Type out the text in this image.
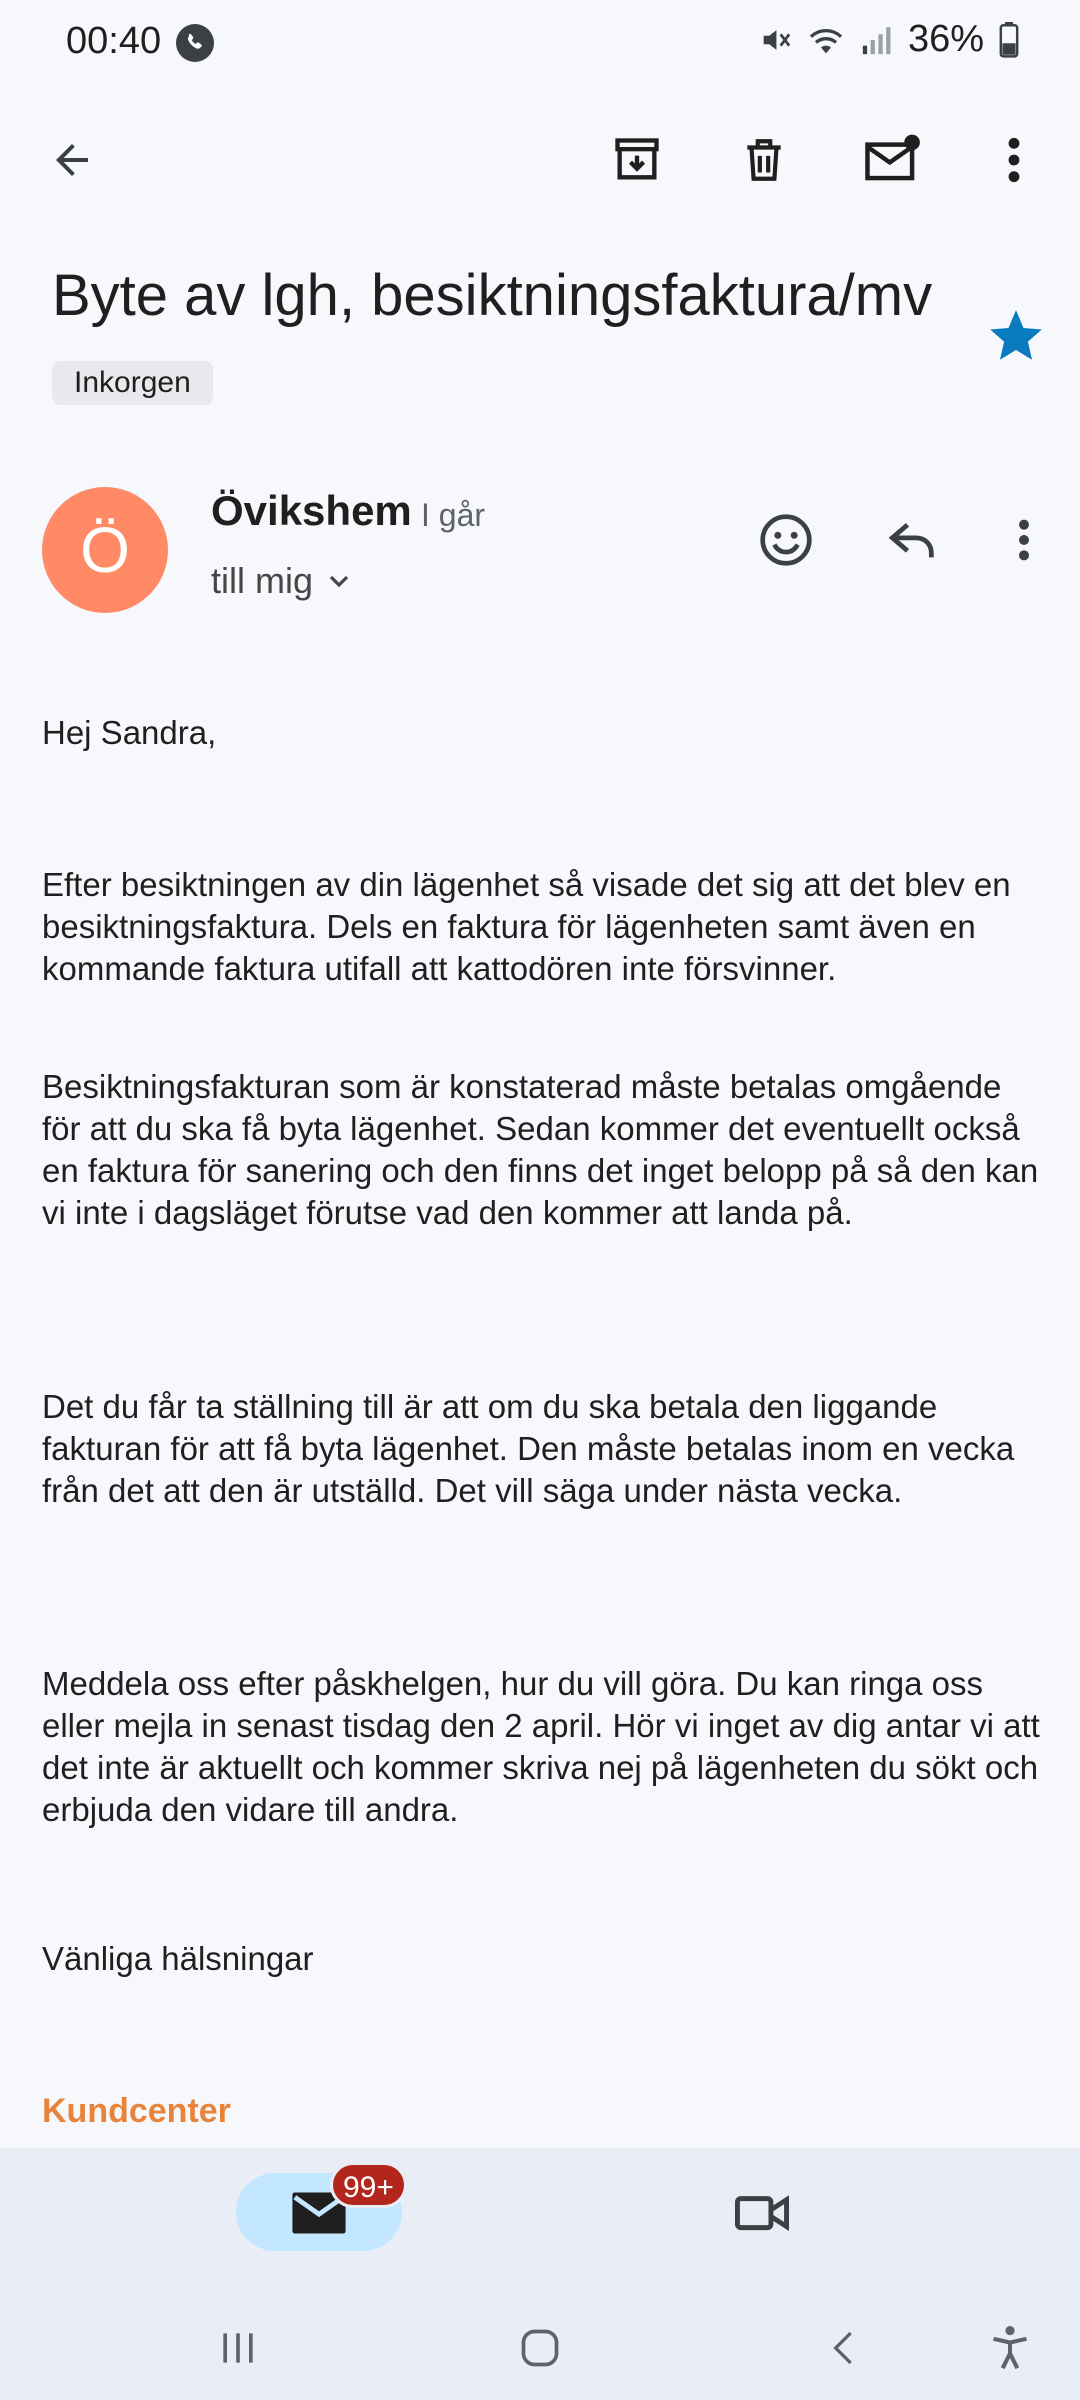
00:40	36%
Byte av lgh, besiktningsfaktura/mv
Inkorgen
Ö
Övikshem I går
till mig

Hej Sandra,

Efter besiktningen av din lägenhet så visade det sig att det blev en besiktningsfaktura. Dels en faktura för lägenheten samt även en kommande faktura utifall att kattodören inte försvinner.

Besiktningsfakturan som är konstaterad måste betalas omgående för att du ska få byta lägenhet. Sedan kommer det eventuellt också en faktura för sanering och den finns det inget belopp på så den kan vi inte i dagsläget förutse vad den kommer att landa på.

Det du får ta ställning till är att om du ska betala den liggande fakturan för att få byta lägenhet. Den måste betalas inom en vecka från det att den är utställd. Det vill säga under nästa vecka.

Meddela oss efter påskhelgen, hur du vill göra. Du kan ringa oss eller mejla in senast tisdag den 2 april. Hör vi inget av dig antar vi att det inte är aktuellt och kommer skriva nej på lägenheten du sökt och erbjuda den vidare till andra.

Vänliga hälsningar

Kundcenter
99+
